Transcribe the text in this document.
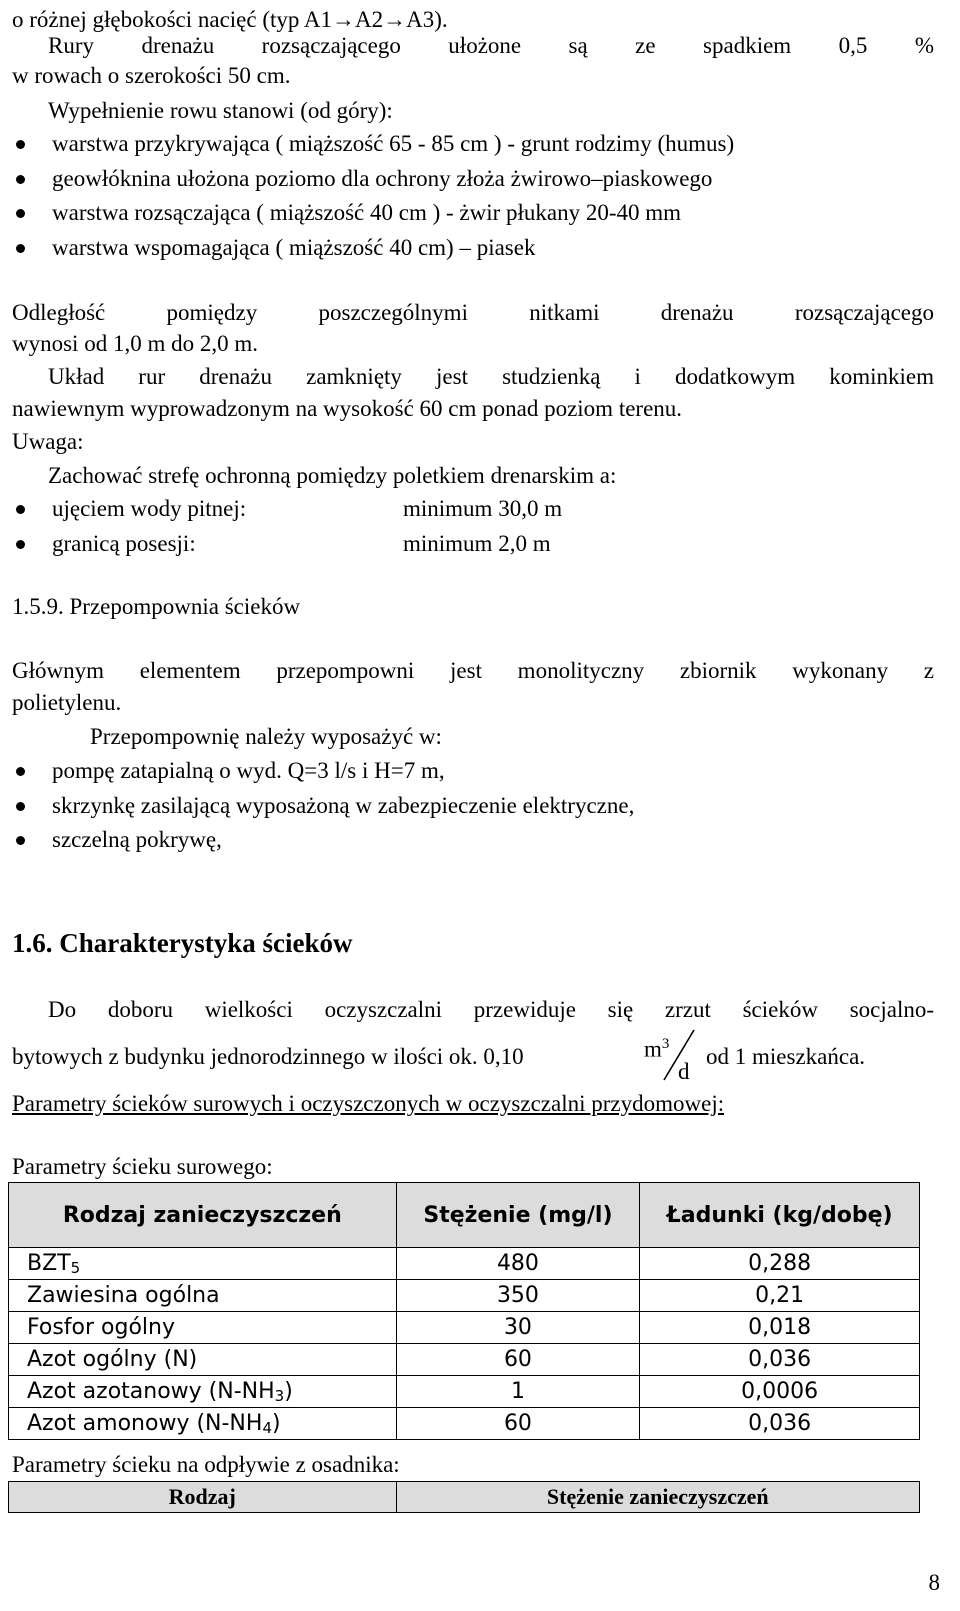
o różnej głębokości nacięć (typ A1→A2→A3).
Rury drenażu rozsączającego ułożone są ze spadkiem 0,5 %
w rowach o szerokości 50 cm.
Wypełnienie rowu stanowi (od góry):
warstwa przykrywająca ( miąższość 65 - 85 cm ) - grunt rodzimy (humus)
geowłóknina ułożona poziomo dla ochrony złoża żwirowo–piaskowego
warstwa rozsączająca ( miąższość 40 cm ) - żwir płukany 20-40 mm
warstwa wspomagająca ( miąższość 40 cm) – piasek
Odległość pomiędzy poszczególnymi nitkami drenażu rozsączającego
wynosi od 1,0 m do 2,0 m.
Układ rur drenażu zamknięty jest studzienką i dodatkowym kominkiem
nawiewnym wyprowadzonym na wysokość 60 cm ponad poziom terenu.
Uwaga:
Zachować strefę ochronną pomiędzy poletkiem drenarskim a:
ujęciem wody pitnej:	minimum 30,0 m
granicą posesji:	minimum 2,0 m
1.5.9. Przepompownia ścieków
Głównym elementem przepompowni jest monolityczny zbiornik wykonany z
polietylenu.
Przepompownię należy wyposażyć w:
pompę zatapialną o wyd. Q=3 l/s i H=7 m,
skrzynkę zasilającą wyposażoną w zabezpieczenie elektryczne,
szczelną pokrywę,
1.6. Charakterystyka ścieków
Do doboru wielkości oczyszczalni przewiduje się zrzut ścieków socjalno-
bytowych z budynku jednorodzinnego w ilości ok. 0,10	$m^3$
d
od 1 mieszkańca.
Parametry ścieków surowych i oczyszczonych w oczyszczalni przydomowej:
Parametry ścieku surowego:
Rodzaj zanieczyszczeń	Stężenie (mg/l)	Ładunki (kg/dobę)
$BZT_5$	480	0,288
Zawiesina ogólna	350	0,21
Fosfor ogólny	30	0,018
Azot ogólny (N)	60	0,036
Azot azotanowy $(N-NH_3)$	1	0,0006
Azot amonowy $(N-NH_4)$	60	0,036
Parametry ścieku na odpływie z osadnika:
Rodzaj	Stężenie zanieczyszczeń
8
